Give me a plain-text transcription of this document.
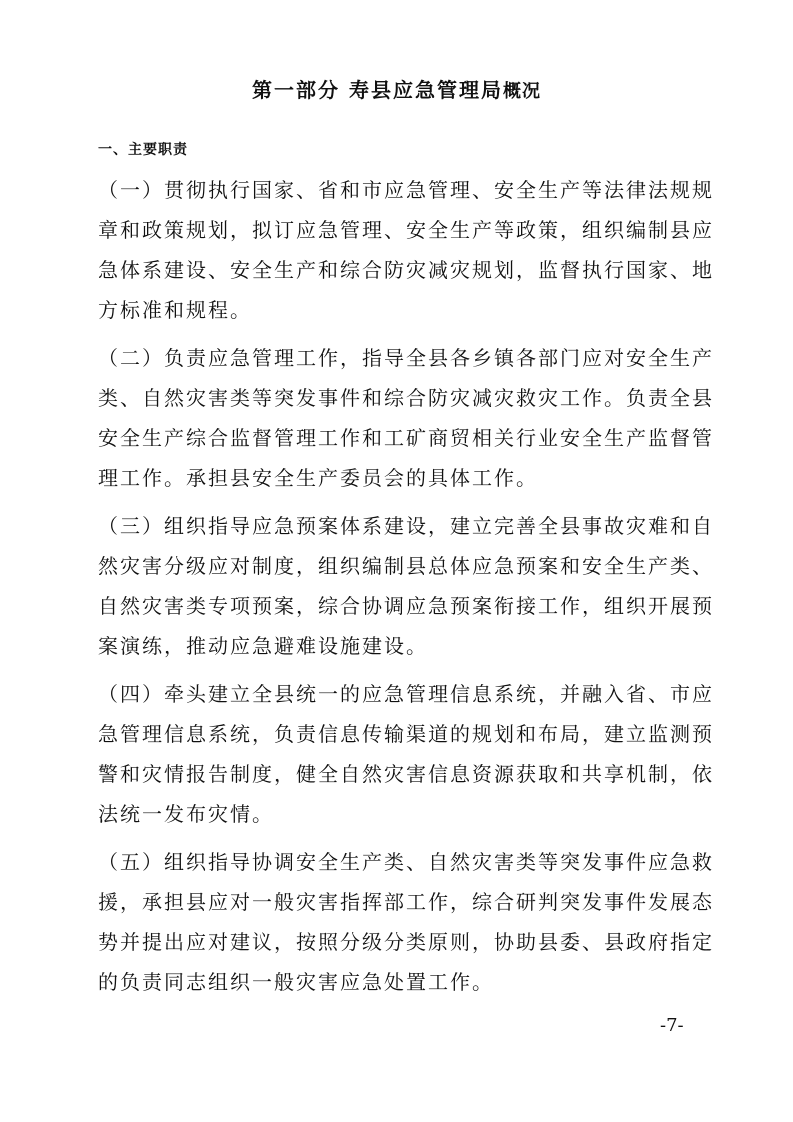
第一部分 寿县应急管理局概况
一、主要职责

（一）贯彻执行国家、省和市应急管理、安全生产等法律法规规
章和政策规划，拟订应急管理、安全生产等政策，组织编制县应
急体系建设、安全生产和综合防灾减灾规划，监督执行国家、地
方标准和规程。

（二）负责应急管理工作，指导全县各乡镇各部门应对安全生产
类、自然灾害类等突发事件和综合防灾减灾救灾工作。负责全县
安全生产综合监督管理工作和工矿商贸相关行业安全生产监督管
理工作。承担县安全生产委员会的具体工作。

（三）组织指导应急预案体系建设，建立完善全县事故灾难和自
然灾害分级应对制度，组织编制县总体应急预案和安全生产类、
自然灾害类专项预案，综合协调应急预案衔接工作，组织开展预
案演练，推动应急避难设施建设。

（四）牵头建立全县统一的应急管理信息系统，并融入省、市应
急管理信息系统，负责信息传输渠道的规划和布局，建立监测预
警和灾情报告制度，健全自然灾害信息资源获取和共享机制，依
法统一发布灾情。

（五）组织指导协调安全生产类、自然灾害类等突发事件应急救
援，承担县应对一般灾害指挥部工作，综合研判突发事件发展态
势并提出应对建议，按照分级分类原则，协助县委、县政府指定
的负责同志组织一般灾害应急处置工作。

-7-
